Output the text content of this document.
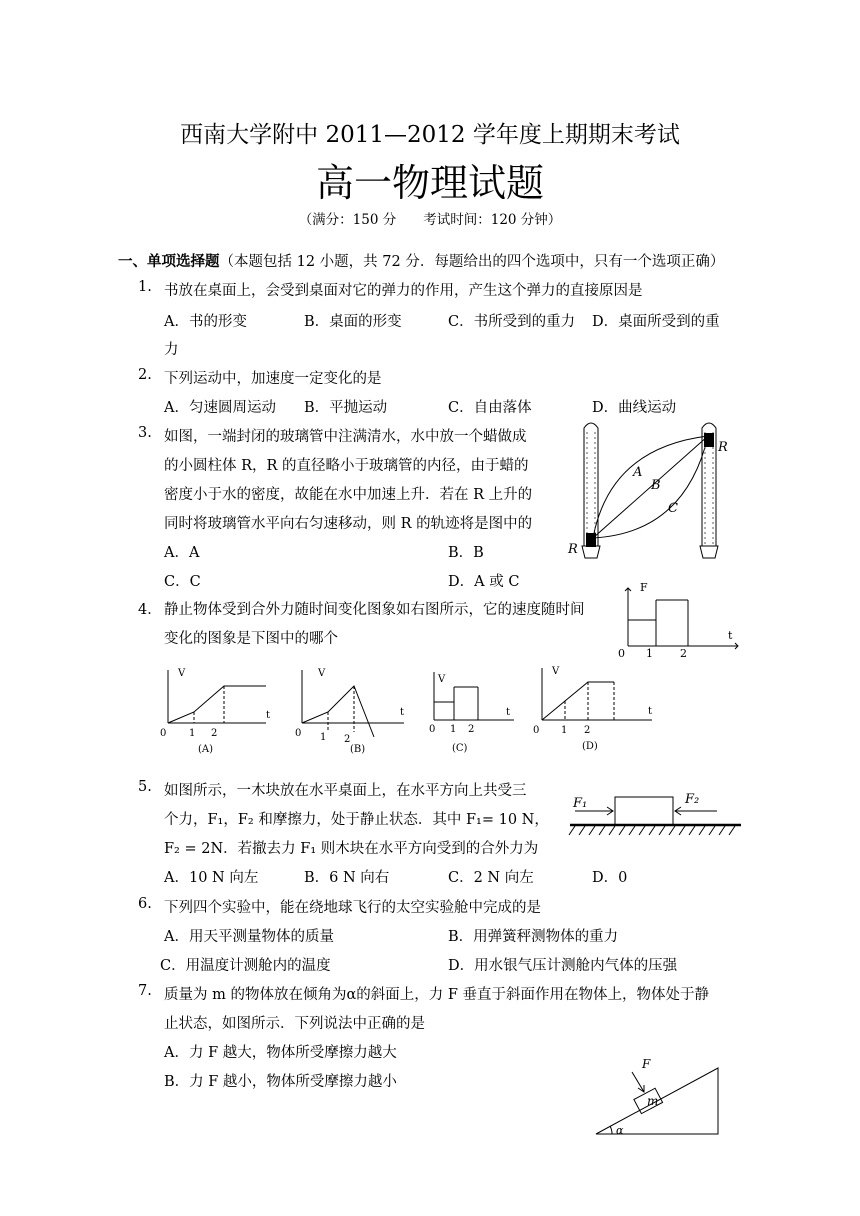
西南大学附中 2011—2012 学年度上期期末考试
高一物理试题
（满分：150 分　　考试时间：120 分钟）
一、单项选择题（本题包括 12 小题，共 72 分．每题给出的四个选项中，只有一个选项正确）
1. 书放在桌面上，会受到桌面对它的弹力的作用，产生这个弹力的直接原因是
A．书的形变	B．桌面的形变	C．书所受到的重力 D．桌面所受到的重
力
2. 下列运动中，加速度一定变化的是
A．匀速圆周运动 B．平抛运动	C．自由落体	D．曲线运动
3. 如图，一端封闭的玻璃管中注满清水，水中放一个蜡做成
的小圆柱体 R，R 的直径略小于玻璃管的内径，由于蜡的
密度小于水的密度，故能在水中加速上升．若在 R 上升的
同时将玻璃管水平向右匀速移动，则 R 的轨迹将是图中的
A．A	B．B
C．C	D．A 或 C
R
R
A
B
C
4． 静止物体受到合外力随时间变化图象如右图所示，它的速度随时间
变化的图象是下图中的哪个
F
t
0 1 2
V
t
0 1 2
(A)
V
t
0 1 2
(B)
V
t
0 1 2
(C)
V
t
0 1 2
(D)
5. 如图所示，一木块放在水平桌面上，在水平方向上共受三
个力，F₁，F₂ 和摩擦力，处于静止状态．其中 F₁= 10 N，
F₂ = 2N．若撤去力 F₁ 则木块在水平方向受到的合外力为
A．10 N 向左	B．6 N 向右	C．2 N 向左	D．0
F₁	F₂
6. 下列四个实验中，能在绕地球飞行的太空实验舱中完成的是
A．用天平测量物体的质量	B．用弹簧秤测物体的重力
C．用温度计测舱内的温度	D．用水银气压计测舱内气体的压强
7. 质量为 m 的物体放在倾角为α的斜面上，力 F 垂直于斜面作用在物体上，物体处于静
止状态，如图所示．下列说法中正确的是
A．力 F 越大，物体所受摩擦力越大
B．力 F 越小，物体所受摩擦力越小
F
m
α
